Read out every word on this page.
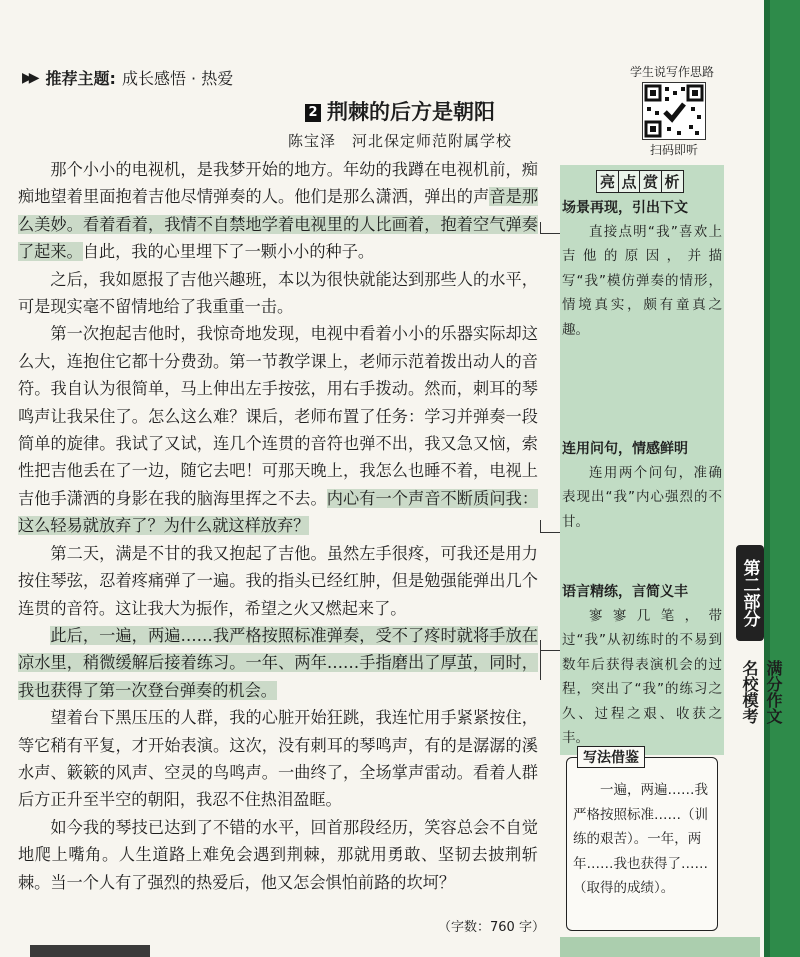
▶▶ 推荐主题: 成长感悟 · 热爱	学生说写作思路
扫码即听
2 荆棘的后方是朝阳
陈宝泽 河北保定师范附属学校

那个小小的电视机，是我梦开始的地方。年幼的我蹲在电视机前，痴痴地望着里面抱着吉他尽情弹奏的人。他们是那么潇洒，弹出的声音是那么美妙。看着看着，我情不自禁地学着电视里的人比画着，抱着空气弹奏了起来。自此，我的心里埋下了一颗小小的种子。

之后，我如愿报了吉他兴趣班，本以为很快就能达到那些人的水平，可是现实毫不留情地给了我重重一击。

第一次抱起吉他时，我惊奇地发现，电视中看着小小的乐器实际却这么大，连抱住它都十分费劲。第一节教学课上，老师示范着拨出动人的音符。我自认为很简单，马上伸出左手按弦，用右手拨动。然而，刺耳的琴鸣声让我呆住了。怎么这么难？课后，老师布置了任务：学习并弹奏一段简单的旋律。我试了又试，连几个连贯的音符也弹不出，我又急又恼，索性把吉他丢在了一边，随它去吧！可那天晚上，我怎么也睡不着，电视上吉他手潇洒的身影在我的脑海里挥之不去。内心有一个声音不断质问我：这么轻易就放弃了？为什么就这样放弃？

第二天，满是不甘的我又抱起了吉他。虽然左手很疼，可我还是用力按住琴弦，忍着疼痛弹了一遍。我的指头已经红肿，但是勉强能弹出几个连贯的音符。这让我大为振作，希望之火又燃起来了。

此后，一遍，两遍……我严格按照标准弹奏，受不了疼时就将手放在凉水里，稍微缓解后接着练习。一年、两年……手指磨出了厚茧，同时，我也获得了第一次登台弹奏的机会。

望着台下黑压压的人群，我的心脏开始狂跳，我连忙用手紧紧按住，等它稍有平复，才开始表演。这次，没有刺耳的琴鸣声，有的是潺潺的溪水声、簌簌的风声、空灵的鸟鸣声。一曲终了，全场掌声雷动。看着人群后方正升至半空的朝阳，我忍不住热泪盈眶。

如今我的琴技已达到了不错的水平，回首那段经历，笑容总会不自觉地爬上嘴角。人生道路上难免会遇到荆棘，那就用勇敢、坚韧去披荆斩棘。当一个人有了强烈的热爱后，他又怎会惧怕前路的坎坷？

（字数：760 字）
亮 点 赏 析
场景再现，引出下文

直接点明“我”喜欢上吉他的原因，并描写“我”模仿弹奏的情形，情境真实，颇有童真之趣。

连用问句，情感鲜明

连用两个问句，准确表现出“我”内心强烈的不甘。

语言精练，言简义丰

寥寥几笔，带过“我”从初练时的不易到数年后获得表演机会的过程，突出了“我”的练习之久、过程之艰、收获之丰。

写法借鉴

一遍，两遍……我严格按照标准……（训练的艰苦）。一年，两年……我也获得了……（取得的成绩）。

第二部分
名校模考 满分作文
